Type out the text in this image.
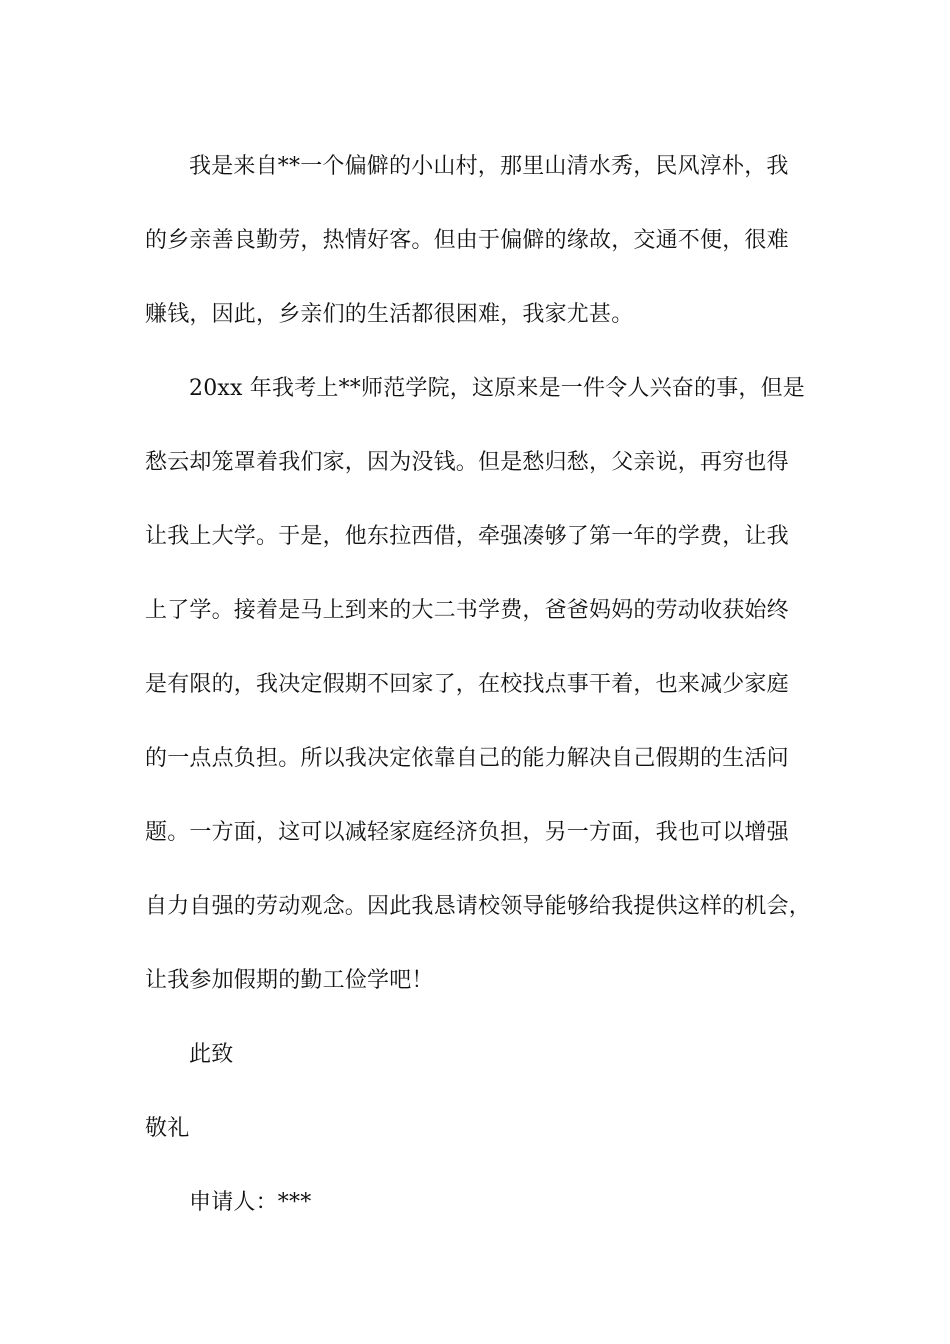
我是来自**一个偏僻的小山村，那里山清水秀，民风淳朴，我
的乡亲善良勤劳，热情好客。但由于偏僻的缘故，交通不便，很难
赚钱，因此，乡亲们的生活都很困难，我家尤甚。

20xx 年我考上**师范学院，这原来是一件令人兴奋的事，但是
愁云却笼罩着我们家，因为没钱。但是愁归愁，父亲说，再穷也得
让我上大学。于是，他东拉西借，牵强凑够了第一年的学费，让我
上了学。接着是马上到来的大二书学费，爸爸妈妈的劳动收获始终
是有限的，我决定假期不回家了，在校找点事干着，也来减少家庭
的一点点负担。所以我决定依靠自己的能力解决自己假期的生活问
题。一方面，这可以减轻家庭经济负担，另一方面，我也可以增强
自力自强的劳动观念。因此我恳请校领导能够给我提供这样的机会，
让我参加假期的勤工俭学吧！

此致

敬礼

申请人：***
